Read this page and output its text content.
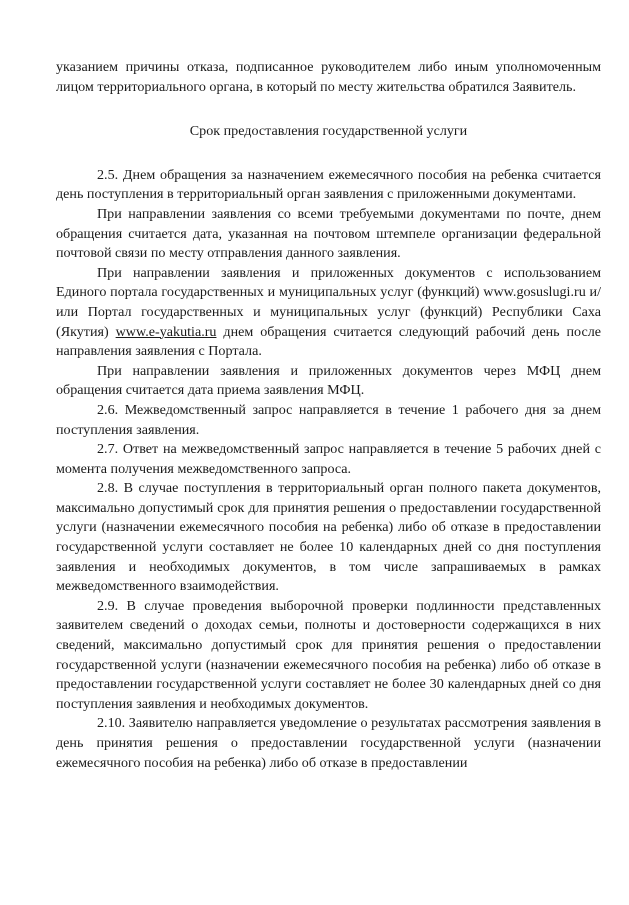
указанием причины отказа, подписанное руководителем либо иным уполномоченным лицом территориального органа, в который по месту жительства обратился Заявитель.

Срок предоставления государственной услуги

2.5. Днем обращения за назначением ежемесячного пособия на ребенка считается день поступления в территориальный орган заявления с приложенными документами.

При направлении заявления со всеми требуемыми документами по почте, днем обращения считается дата, указанная на почтовом штемпеле организации федеральной почтовой связи по месту отправления данного заявления.

При направлении заявления и приложенных документов с использованием Единого портала государственных и муниципальных услуг (функций) www.gosuslugi.ru и/или Портал государственных и муниципальных услуг (функций) Республики Саха (Якутия) www.e-yakutia.ru днем обращения считается следующий рабочий день после направления заявления с Портала.

При направлении заявления и приложенных документов через МФЦ днем обращения считается дата приема заявления МФЦ.

2.6. Межведомственный запрос направляется в течение 1 рабочего дня за днем поступления заявления.

2.7. Ответ на межведомственный запрос направляется в течение 5 рабочих дней с момента получения межведомственного запроса.

2.8. В случае поступления в территориальный орган полного пакета документов, максимально допустимый срок для принятия решения о предоставлении государственной услуги (назначении ежемесячного пособия на ребенка) либо об отказе в предоставлении государственной услуги составляет не более 10 календарных дней со дня поступления заявления и необходимых документов, в том числе запрашиваемых в рамках межведомственного взаимодействия.

2.9. В случае проведения выборочной проверки подлинности представленных заявителем сведений о доходах семьи, полноты и достоверности содержащихся в них сведений, максимально допустимый срок для принятия решения о предоставлении государственной услуги (назначении ежемесячного пособия на ребенка) либо об отказе в предоставлении государственной услуги составляет не более 30 календарных дней со дня поступления заявления и необходимых документов.

2.10. Заявителю направляется уведомление о результатах рассмотрения заявления в день принятия решения о предоставлении государственной услуги (назначении ежемесячного пособия на ребенка) либо об отказе в предоставлении
